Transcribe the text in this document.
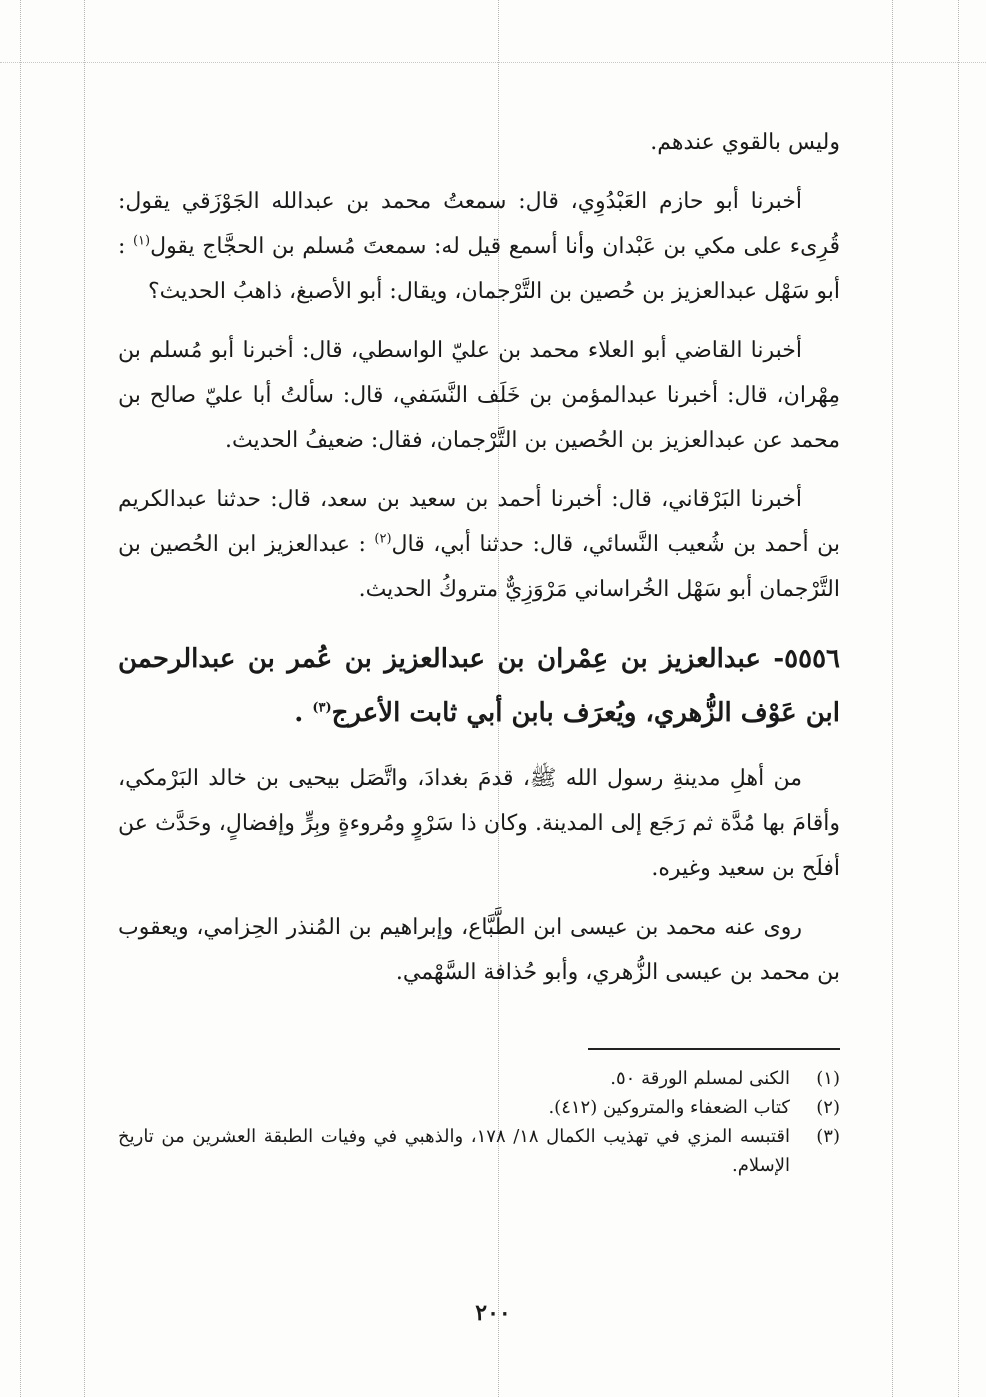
وليس بالقوي عندهم.

أخبرنا أبو حازم العَبْدُوِي، قال: سمعتُ محمد بن عبدالله الجَوْزَقي يقول: قُرِىء على مكي بن عَبْدان وأنا أسمع قيل له: سمعتَ مُسلم بن الحجَّاج يقول$^{(١)}$ : أبو سَهْل عبدالعزيز بن حُصين بن التَّرْجمان، ويقال: أبو الأصبغ، ذاهبُ الحديث؟

أخبرنا القاضي أبو العلاء محمد بن عليّ الواسطي، قال: أخبرنا أبو مُسلم بن مِهْران، قال: أخبرنا عبدالمؤمن بن خَلَف النَّسَفي، قال: سألتُ أبا عليّ صالح بن محمد عن عبدالعزيز بن الحُصين بن التَّرْجمان، فقال: ضعيفُ الحديث.

أخبرنا البَرْقاني، قال: أخبرنا أحمد بن سعيد بن سعد، قال: حدثنا عبدالكريم بن أحمد بن شُعيب النَّسائي، قال: حدثنا أبي، قال$^{(٢)}$ : عبدالعزيز ابن الحُصين بن التَّرْجمان أبو سَهْل الخُراساني مَرْوَزِيٌّ متروكُ الحديث.

٥٥٥٦- عبدالعزيز بن عِمْران بن عبدالعزيز بن عُمر بن عبدالرحمن ابن عَوْف الزُّهري، ويُعرَف بابن أبي ثابت الأعرج$^{(٣)}$ .

من أهلِ مدينةِ رسول الله ﷺ، قدمَ بغدادَ، واتَّصَل بيحيى بن خالد البَرْمكي، وأقامَ بها مُدَّة ثم رَجَع إلى المدينة. وكان ذا سَرْوٍ ومُروءةٍ وبِرٍّ وإفضالٍ، وحَدَّث عن أفلَح بن سعيد وغيره.

روى عنه محمد بن عيسى ابن الطَّبَّاع، وإبراهيم بن المُنذر الحِزامي، ويعقوب بن محمد بن عيسى الزُّهري، وأبو حُذافة السَّهْمي.

(١)
الكنى لمسلم الورقة ٥٠.

(٢)
كتاب الضعفاء والمتروكين (٤١٢).

(٣)
اقتبسه المزي في تهذيب الكمال ١٨/ ١٧٨، والذهبي في وفيات الطبقة العشرين من تاريخ الإسلام.

٢٠٠
